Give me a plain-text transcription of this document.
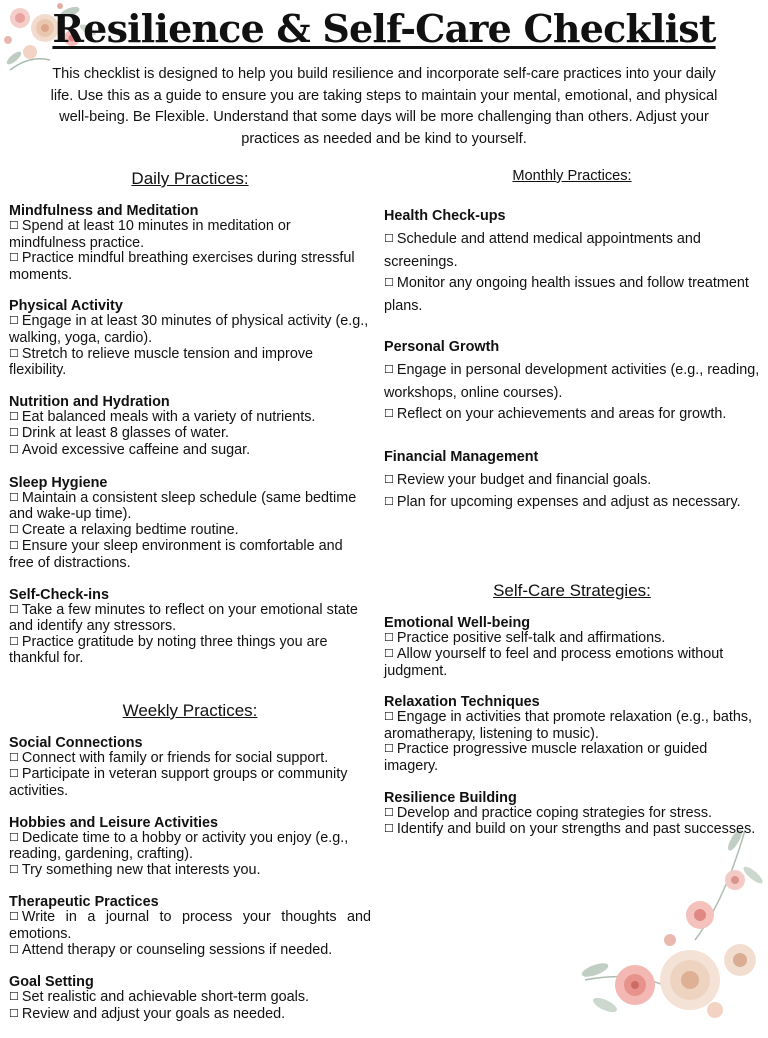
Resilience & Self-Care Checklist
This checklist is designed to help you build resilience and incorporate self-care practices into your daily life. Use this as a guide to ensure you are taking steps to maintain your mental, emotional, and physical well-being. Be Flexible. Understand that some days will be more challenging than others. Adjust your practices as needed and be kind to yourself.
Daily Practices:
Mindfulness and Meditation
☐ Spend at least 10 minutes in meditation or mindfulness practice.
☐ Practice mindful breathing exercises during stressful moments.
Physical Activity
☐ Engage in at least 30 minutes of physical activity (e.g., walking, yoga, cardio).
☐ Stretch to relieve muscle tension and improve flexibility.
Nutrition and Hydration
☐ Eat balanced meals with a variety of nutrients.
☐ Drink at least 8 glasses of water.
☐ Avoid excessive caffeine and sugar.
Sleep Hygiene
☐ Maintain a consistent sleep schedule (same bedtime and wake-up time).
☐ Create a relaxing bedtime routine.
☐ Ensure your sleep environment is comfortable and free of distractions.
Self-Check-ins
☐ Take a few minutes to reflect on your emotional state and identify any stressors.
☐ Practice gratitude by noting three things you are thankful for.
Weekly Practices:
Social Connections
☐ Connect with family or friends for social support.
☐ Participate in veteran support groups or community activities.
Hobbies and Leisure Activities
☐ Dedicate time to a hobby or activity you enjoy (e.g., reading, gardening, crafting).
☐ Try something new that interests you.
Therapeutic Practices
☐ Write in a journal to process your thoughts and emotions.
☐ Attend therapy or counseling sessions if needed.
Goal Setting
☐ Set realistic and achievable short-term goals.
☐ Review and adjust your goals as needed.
Monthly Practices:
Health Check-ups
☐ Schedule and attend medical appointments and screenings.
☐ Monitor any ongoing health issues and follow treatment plans.
Personal Growth
☐ Engage in personal development activities (e.g., reading, workshops, online courses).
☐ Reflect on your achievements and areas for growth.
Financial Management
☐ Review your budget and financial goals.
☐ Plan for upcoming expenses and adjust as necessary.
Self-Care Strategies:
Emotional Well-being
☐ Practice positive self-talk and affirmations.
☐ Allow yourself to feel and process emotions without judgment.
Relaxation Techniques
☐ Engage in activities that promote relaxation (e.g., baths, aromatherapy, listening to music).
☐ Practice progressive muscle relaxation or guided imagery.
Resilience Building
☐ Develop and practice coping strategies for stress.
☐ Identify and build on your strengths and past successes.
